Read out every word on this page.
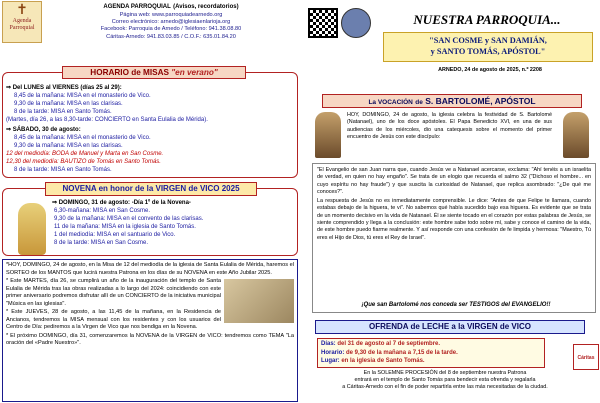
✝
Agenda
Parroquial
AGENDA PARROQUIAL (Avisos, recordatorios)
Página web: www.parroquiadearnedo.org
Correo electrónico: arnedo@iglesiaenlarioja.org
Facebook: Parroquia de Arnedo / Teléfono: 941.38.08.80
Cáritas-Arnedo: 941.83.03.85 / C.O.F.: 635.01.84.20
HORARIO de MISAS "en verano"
⇒ Del LUNES al VIERNES (días 25 al 29):
8,45 de la mañana: MISA en el monasterio de Vico.
9,30 de la mañana: MISA en las clarisas.
8 de la tarde: MISA en Santo Tomás.
(Martes, día 26, a las 8,30-tarde: CONCIERTO en Santa Eulalia de Mérida).
⇒ SÁBADO, 30 de agosto:
8,45 de la mañana: MISA en el monasterio de Vico.
9,30 de la mañana: MISA en las clarisas.
12 del mediodía: BODA de Manuel y Marta en San Cosme.
12,30 del mediodía: BAUTIZO de Tomás en Santo Tomás.
8 de la tarde: MISA en Santo Tomás.
NOVENA en honor de la VIRGEN de VICO 2025
⇒ DOMINGO, 31 de agosto: -Día 1º de la Novena-
6,30-mañana: MISA en San Cosme.
9,30 de la mañana: MISA en el convento de las clarisas.
11 de la mañana: MISA en la iglesia de Santo Tomás.
1 del mediodía: MISA en el santuario de Vico.
8 de la tarde: MISA en San Cosme.

*HOY, DOMINGO, 24 de agosto, en la Misa de 12 del mediodía de la iglesia de Santa Eulalia de Mérida, haremos el SORTEO de los MANTOS que lucirá nuestra Patrona en los días de su NOVENA en este Año Jubilar 2025.

* Este MARTES, día 26, se cumplirá un año de la inauguración del templo de Santa Eulalia de Mérida tras las obras realizadas a lo largo del 2024: coincidiendo con este primer aniversario podremos disfrutar allí de un CONCIERTO de la iniciativa municipal "Música en las iglesias".

* Este JUEVES, 28 de agosto, a las 11,45 de la mañana, en la Residencia de Ancianos, tendremos la MISA mensual con los residentes y con los usuarios del Centro de Día: pediremos a la Virgen de Vico que nos bendiga en la Novena.

* El próximo DOMINGO, día 31, comenzaremos la NOVENA de la VIRGEN de VICO: tendremos como TEMA "La oración del «Padre Nuestro»".

NUESTRA PARROQUIA...
"SAN COSME y SAN DAMIÁN,
y SANTO TOMÁS, APÓSTOL"
ARNEDO, 24 de agosto de 2025, n.º 2208
La VOCACIÓN de S. BARTOLOMÉ, APÓSTOL
HOY, DOMINGO, 24 de agosto, la iglesia celebra la festividad de S. Bartolomé (Natanael), uno de los doce apóstoles. El Papa Benedicto XVI, en una de sus audiencias de los miércoles, dio una catequesis sobre el momento del primer encuentro de Jesús con este discípulo:

"El Evangelio de san Juan narra que, cuando Jesús ve a Natanael acercarse, exclama: "Ahí tenéis a un israelita de verdad, en quien no hay engaño". Se trata de un elogio que recuerda el salmo 32 ("Dichoso el hombre... en cuyo espíritu no hay fraude") y que suscita la curiosidad de Natanael, que replica asombrado: "¿De qué me conoces?".

La respuesta de Jesús no es inmediatamente comprensible. Le dice: "Antes de que Felipe te llamara, cuando estabas debajo de la higuera, te vi". No sabemos qué había sucedido bajo esa higuera. Es evidente que se trata de un momento decisivo en la vida de Natanael. Él se siente tocado en el corazón por estas palabras de Jesús, se siente comprendido y llega a la conclusión: este hombre sabe todo sobre mí, sabe y conoce el camino de la vida, de este hombre puedo fiarme realmente. Y así responde con una confesión de fe limpida y hermosa: "Maestro, Tú eres el Hijo de Dios, tú eres el Rey de Israel".

¡Que san Bartolomé nos conceda ser TESTIGOS del EVANGELIO!!
OFRENDA de LECHE a la VIRGEN de VICO
Días: del 31 de agosto al 7 de septiembre.
Horario: de 9,30 de la mañana a 7,15 de la tarde.
Lugar: en la iglesia de Santo Tomás.	Cáritas
En la SOLEMNE PROCESIÓN del 8 de septiembre nuestra Patrona
entrará en el templo de Santo Tomás para bendecir esta ofrenda y regalarla
a Cáritas-Arnedo con el fin de poder repartirla entre las más necesitadas de la ciudad.
